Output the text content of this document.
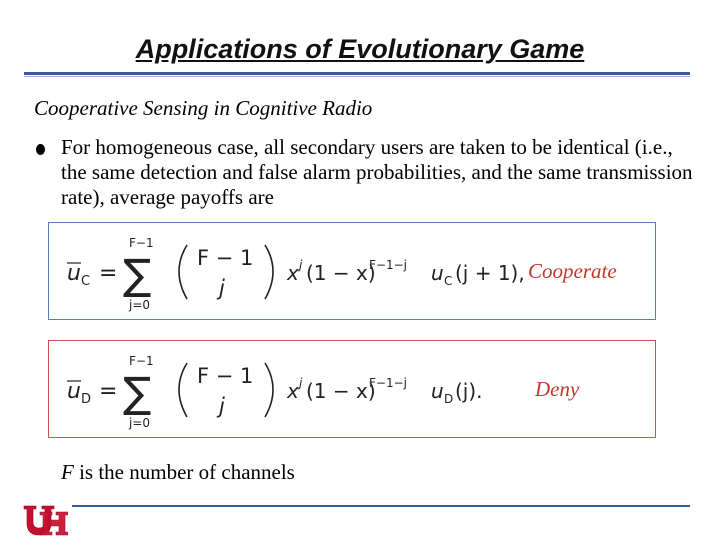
Applications of Evolutionary Game
Cooperative Sensing in Cognitive Radio
For homogeneous case, all secondary users are taken to be identical (i.e., the same detection and false alarm probabilities, and the same transmission rate), average payoffs are
u C =
F−1
∑
j=0
F − 1
j
x j (1 − x)
F−1−j u C (j + 1), Cooperate
u D =
F−1
∑
j=0
F − 1
j
x j (1 − x)
F−1−j u D (j). Deny
F is the number of channels
